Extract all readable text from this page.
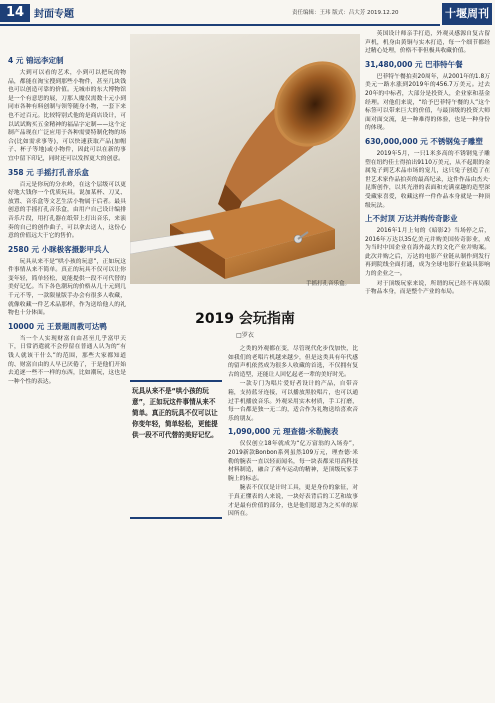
14 封面专题	责任编辑：王玮 版式：吕大芳 2019.12.20	十堰周刊
4 元 锦远李定制

大到可以看的艺术，小到可以把玩的物品，都能在淘宝搜到那些小物件，甚至几块钱也可以创造可靠的价值。无城市的东大博物馆是一个有意思的展，刀那人魔仅需数十元小到同市各种有料创制与领等随身小物，一套下来也不过百元。比较特别式他的是商店设计，可以试试购买五金精神的福品字定制——这个定制产品现在广泛应用于各种需要特制化物的场合(比如需求事等)，可以快速获取产品(加帽子、杯子等地)或小物件，因此可以在新的事宜中留下印记，同时还可以发挥更大的创意。

358 元 手摇打孔音乐盒

百元是你玩的分水岭，在这个层级可以更好地大钱你一个优质玩具。说加某杯、刀叉、放置、音乐盒等文艺生活小物属于后者。最具创意的手摇打孔音乐盒，由用户自己设计编排音乐片段，用打孔器在纸带上打出音乐，来演奏的自己的创作曲子，可以拿去送人，这份心意的价值远大于它的售价。

2580 元 小眯极客摄影甲兵人

玩具从来不是“哄小孩的玩意”，正如玩这件事情从来不简单。真正的玩具不仅可以让你变年轻，简单轻松，更能提供一段不可代替的美好记忆。当下各色潮玩的价格从几十元到几千元不等，一款限量版手办会有很多人收藏，就像收藏一件艺术品那样，作为送给他人的礼物也十分体面。

10000 元 王景题周教可达鸭

当一个人实现财富自由甚至几乎富甲天下，日常消遣就不会停留在普通人认为的“有钱人就该干什么”的范围，那些大家都知道的、财富自由的人早已厌倦了，于是他们开始去追逐一些不一样的东西，比如潮玩，这也是一种个性的表达。

手摇打孔音乐盒。
2019 会玩指南
□罗衣
玩具从来不是“哄小孩的玩意”，正如玩这件事情从来不简单。真正的玩具不仅可以让你变年轻，简单轻松，更能提供一段不可代替的美好记忆。

之类的外观都在变，尽管现代化步伐加快，比如我们的老唱片机越来越少，但是这类具有年代感的留声机依然成为很多人收藏的首选，不仅拥有复古的造型，还能让人回忆起老一辈的美好时光。

一款专门为唱片爱好者设计的产品，自带音箱，支持蓝牙连接，可以播放黑胶唱片，也可以通过手机播放音乐。外观采用实木材质，手工打磨，每一台都是独一无二的，适合作为礼物送给喜欢音乐的朋友。

1,090,000 元 理查德·米勒腕表

仅仅创立18年就成为“亿万富翁的入场券”，2019新款Bonbon系列虽然109万元，理查德·米勒的腕表一直以轻而闻名，每一块表都采用高科技材料制造，融合了赛车运动的精神，是顶级玩家手腕上的标志。

腕表不仅仅是计时工具，更是身份的象征，对于真正懂表的人来说，一块好表背后的工艺和故事才是最有价值的部分，也是他们愿意为之买单的原因所在。

英国设计师亲手打造，外观灵感源自复古留声机，机身由黄铜与实木打造，每一个细节都经过精心处理，价格不菲但极具收藏价值。

31,480,000 元 巴菲特午餐

巴菲特午餐拍卖20周年，从2001年的1.8万美元一路水涨到2019年的456.7万美元。过去20年的中标者，大部分是投资人，企业家和基金经理。对他们来说，“给予巴菲特午餐的人”这个标签可以带来巨大的价值，与最顶级的投资大师面对面交流，是一种难得的体验，也是一种身份的体现。

630,000,000 元 不锈钢兔子雕塑

2019年5月，一只1米多高的不锈钢兔子雕塑在纽约佳士得拍出9110万美元，从不起眼的金属兔子到艺术品市场的宠儿，这只兔子创造了在世艺术家作品拍卖的最高纪录，这件作品由杰夫·昆斯创作，以其光滑的表面和充满童趣的造型深受藏家喜爱，收藏这样一件作品本身就是一种顶级玩法。

上不封顶 万达并购传奇影业

2016年1月上旬的《暗影2》当场停之后，2016年万达以35亿美元并购美国传奇影业，成为当时中国企业在海外最大的文化产业并购案。此次并购之后，万达的电影产业链从制作到发行再到院线全面打通，成为全球电影行业最具影响力的企业之一。

对于顶级玩家来说，所谓的玩已经不再局限于物品本身，而是整个产业的布局。
